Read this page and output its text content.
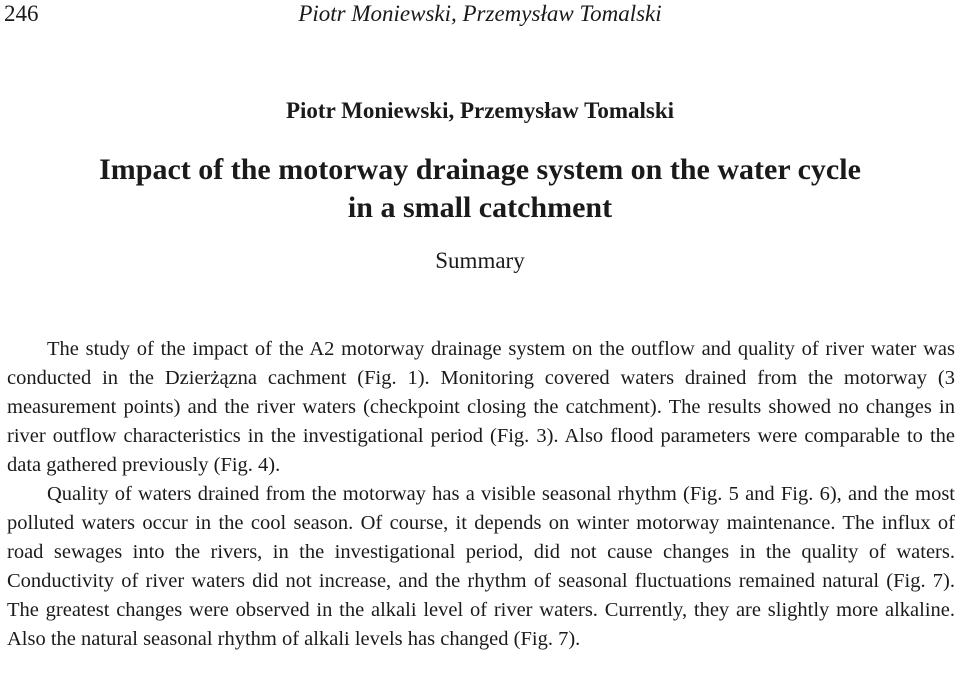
246	Piotr Moniewski, Przemysław Tomalski
Piotr Moniewski, Przemysław Tomalski
Impact of the motorway drainage system on the water cycle
in a small catchment
Summary

The study of the impact of the A2 motorway drainage system on the outflow and quality of river water was conducted in the Dzierżązna cachment (Fig. 1). Monitoring covered waters drained from the motorway (3 measurement points) and the river waters (checkpoint closing the catchment). The results showed no changes in river outflow characteristics in the investigational period (Fig. 3). Also flood parameters were comparable to the data gathered previously (Fig. 4).

Quality of waters drained from the motorway has a visible seasonal rhythm (Fig. 5 and Fig. 6), and the most polluted waters occur in the cool season. Of course, it depends on winter motorway maintenance. The influx of road sewages into the rivers, in the investigational period, did not cause changes in the quality of waters. Conductivity of river waters did not increase, and the rhythm of seasonal fluctuations remained natural (Fig. 7). The greatest changes were observed in the alkali level of river waters. Currently, they are slightly more alkaline. Also the natural seasonal rhythm of alkali levels has changed (Fig. 7).
